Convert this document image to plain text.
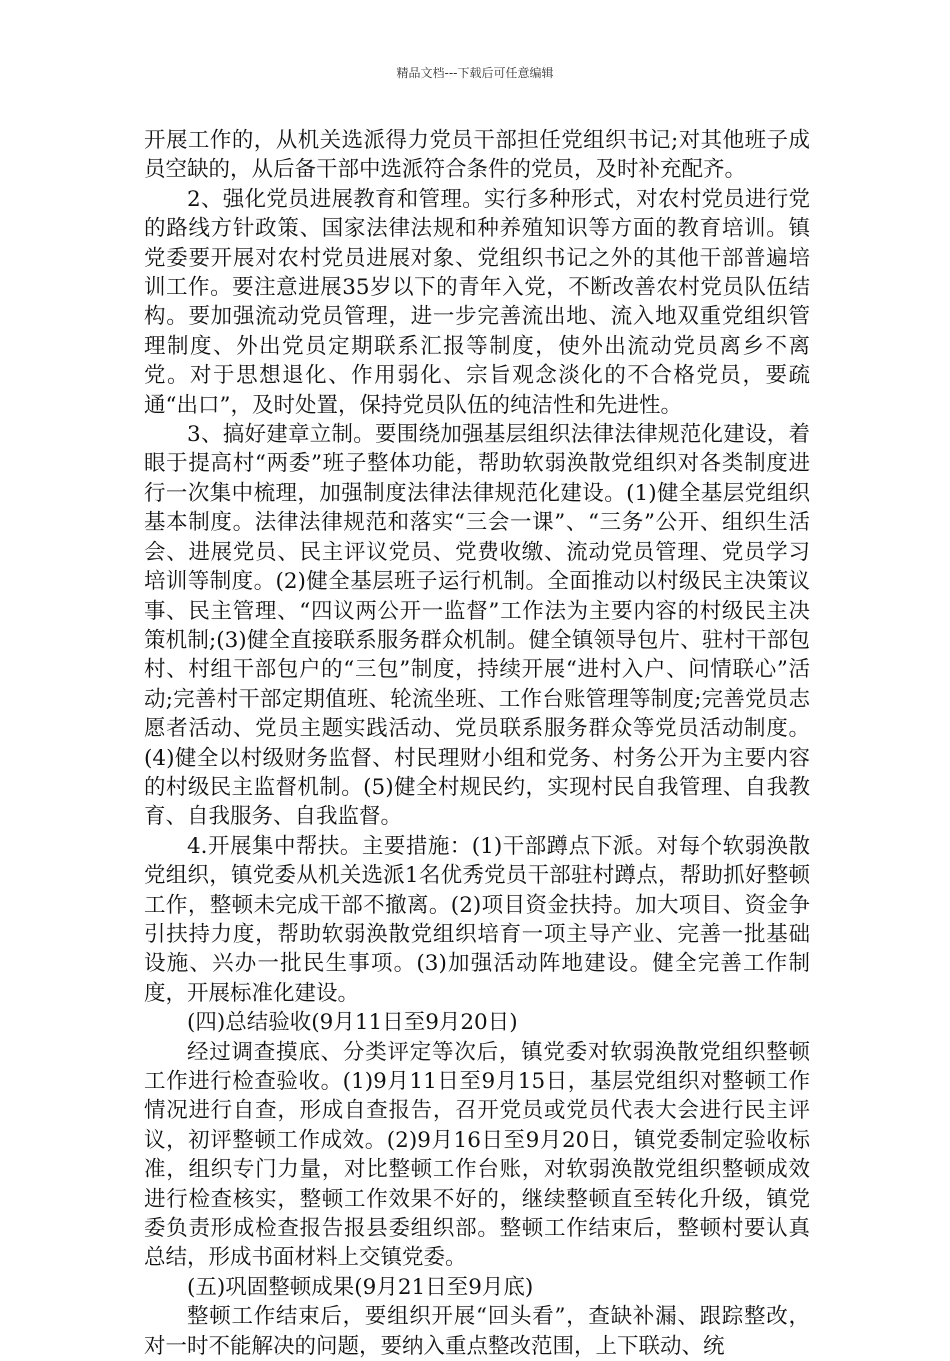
精品文档---下载后可任意编辑

开展工作的，从机关选派得力党员干部担任党组织书记;对其他班子成员空缺的，从后备干部中选派符合条件的党员，及时补充配齐。

2、强化党员进展教育和管理。实行多种形式，对农村党员进行党的路线方针政策、国家法律法规和种养殖知识等方面的教育培训。镇党委要开展对农村党员进展对象、党组织书记之外的其他干部普遍培训工作。要注意进展35岁以下的青年入党，不断改善农村党员队伍结构。要加强流动党员管理，进一步完善流出地、流入地双重党组织管理制度、外出党员定期联系汇报等制度，使外出流动党员离乡不离党。对于思想退化、作用弱化、宗旨观念淡化的不合格党员，要疏通“出口”，及时处置，保持党员队伍的纯洁性和先进性。

3、搞好建章立制。要围绕加强基层组织法律法律规范化建设，着眼于提高村“两委”班子整体功能，帮助软弱涣散党组织对各类制度进行一次集中梳理，加强制度法律法律规范化建设。(1)健全基层党组织基本制度。法律法律规范和落实“三会一课”、“三务”公开、组织生活会、进展党员、民主评议党员、党费收缴、流动党员管理、党员学习培训等制度。(2)健全基层班子运行机制。全面推动以村级民主决策议事、民主管理、“四议两公开一监督”工作法为主要内容的村级民主决策机制;(3)健全直接联系服务群众机制。健全镇领导包片、驻村干部包村、村组干部包户的“三包”制度，持续开展“进村入户、问情联心”活动;完善村干部定期值班、轮流坐班、工作台账管理等制度;完善党员志愿者活动、党员主题实践活动、党员联系服务群众等党员活动制度。(4)健全以村级财务监督、村民理财小组和党务、村务公开为主要内容的村级民主监督机制。(5)健全村规民约，实现村民自我管理、自我教育、自我服务、自我监督。

4.开展集中帮扶。主要措施：(1)干部蹲点下派。对每个软弱涣散党组织，镇党委从机关选派1名优秀党员干部驻村蹲点，帮助抓好整顿工作，整顿未完成干部不撤离。(2)项目资金扶持。加大项目、资金争引扶持力度，帮助软弱涣散党组织培育一项主导产业、完善一批基础设施、兴办一批民生事项。(3)加强活动阵地建设。健全完善工作制度，开展标准化建设。

(四)总结验收(9月11日至9月20日)

经过调查摸底、分类评定等次后，镇党委对软弱涣散党组织整顿工作进行检查验收。(1)9月11日至9月15日，基层党组织对整顿工作情况进行自查，形成自查报告，召开党员或党员代表大会进行民主评议，初评整顿工作成效。(2)9月16日至9月20日，镇党委制定验收标准，组织专门力量，对比整顿工作台账，对软弱涣散党组织整顿成效进行检查核实，整顿工作效果不好的，继续整顿直至转化升级，镇党委负责形成检查报告报县委组织部。整顿工作结束后，整顿村要认真总结，形成书面材料上交镇党委。

(五)巩固整顿成果(9月21日至9月底)

整顿工作结束后，要组织开展“回头看”，查缺补漏、跟踪整改，对一时不能解决的问题，要纳入重点整改范围，上下联动、统
